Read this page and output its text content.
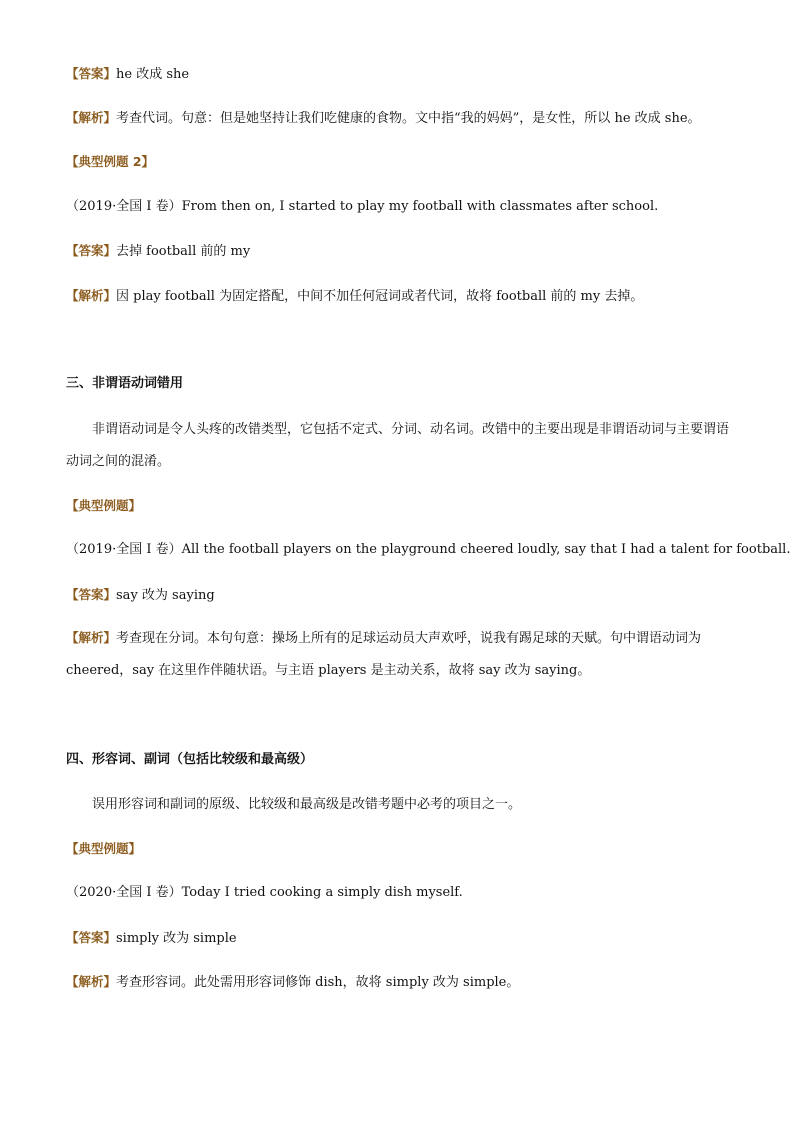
【答案】he 改成 she
【解析】考查代词。句意：但是她坚持让我们吃健康的食物。文中指“我的妈妈”，是女性，所以 he 改成 she。
【典型例题 2】
（2019·全国 I 卷）From then on, I started to play my football with classmates after school.
【答案】去掉 football 前的 my
【解析】因 play football 为固定搭配，中间不加任何冠词或者代词，故将 football 前的 my 去掉。
三、非谓语动词错用
非谓语动词是令人头疼的改错类型，它包括不定式、分词、动名词。改错中的主要出现是非谓语动词与主要谓语动词之间的混淆。
【典型例题】
（2019·全国 I 卷）All the football players on the playground cheered loudly, say that I had a talent for football.
【答案】say 改为 saying
【解析】考查现在分词。本句句意：操场上所有的足球运动员大声欢呼，说我有踢足球的天赋。句中谓语动词为 cheered，say 在这里作伴随状语。与主语 players 是主动关系，故将 say 改为 saying。
四、形容词、副词（包括比较级和最高级）
误用形容词和副词的原级、比较级和最高级是改错考题中必考的项目之一。
【典型例题】
（2020·全国 I 卷）Today I tried cooking a simply dish myself.
【答案】simply 改为 simple
【解析】考查形容词。此处需用形容词修饰 dish，故将 simply 改为 simple。
